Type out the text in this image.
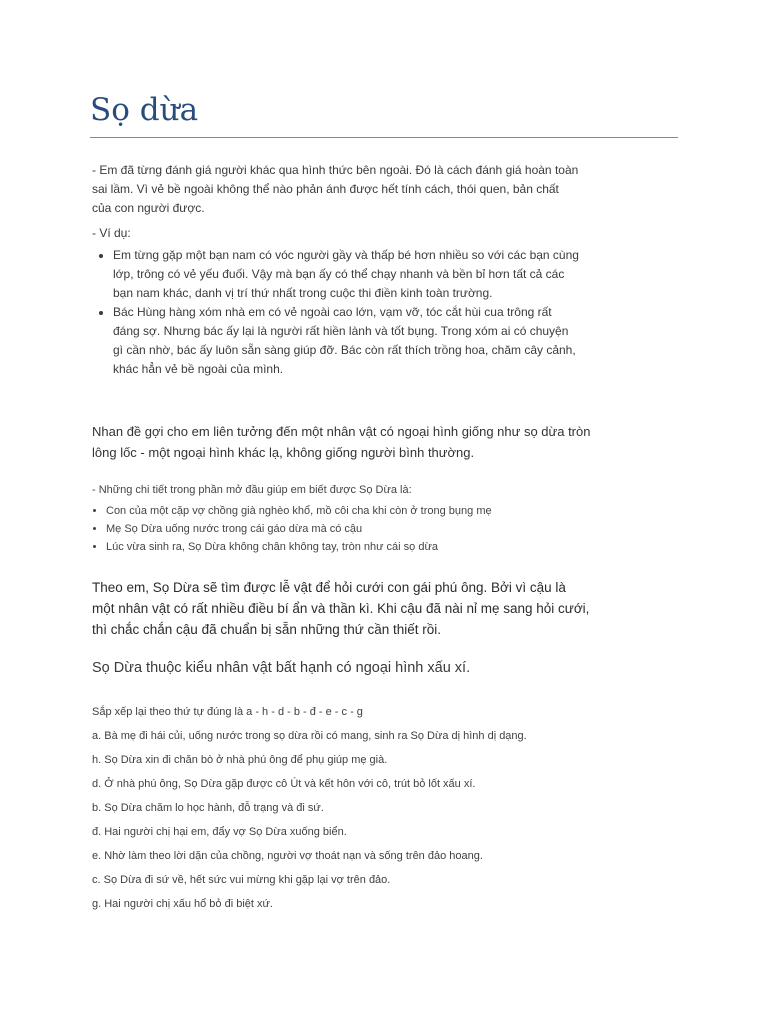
Sọ dừa

- Em đã từng đánh giá người khác qua hình thức bên ngoài. Đó là cách đánh giá hoàn toàn sai lầm. Vì vẻ bề ngoài không thể nào phản ánh được hết tính cách, thói quen, bản chất của con người được.

- Ví dụ:

• Em từng gặp một bạn nam có vóc người gầy và thấp bé hơn nhiều so với các bạn cùng lớp, trông có vẻ yếu đuối. Vậy mà bạn ấy có thể chạy nhanh và bền bỉ hơn tất cả các bạn nam khác, danh vị trí thứ nhất trong cuộc thi điền kinh toàn trường.
• Bác Hùng hàng xóm nhà em có vẻ ngoài cao lớn, vạm vỡ, tóc cắt hùi cua trông rất đáng sợ. Nhưng bác ấy lại là người rất hiền lành và tốt bụng. Trong xóm ai có chuyện gì cần nhờ, bác ấy luôn sẵn sàng giúp đỡ. Bác còn rất thích trồng hoa, chăm cây cảnh, khác hẳn vẻ bề ngoài của mình.

Nhan đề gợi cho em liên tưởng đến một nhân vật có ngoại hình giống như sọ dừa tròn lông lốc - một ngoại hình khác lạ, không giống người bình thường.

- Những chi tiết trong phần mở đầu giúp em biết được Sọ Dừa là:

• Con của một cặp vợ chồng già nghèo khổ, mồ côi cha khi còn ở trong bụng mẹ
• Mẹ Sọ Dừa uống nước trong cái gáo dừa mà có cậu
• Lúc vừa sinh ra, Sọ Dừa không chân không tay, tròn như cái sọ dừa

Theo em, Sọ Dừa sẽ tìm được lễ vật để hỏi cưới con gái phú ông. Bởi vì cậu là một nhân vật có rất nhiều điều bí ẩn và thần kì. Khi cậu đã nài nỉ mẹ sang hỏi cưới, thì chắc chắn cậu đã chuẩn bị sẵn những thứ cần thiết rồi.

Sọ Dừa thuộc kiểu nhân vật bất hạnh có ngoại hình xấu xí.

Sắp xếp lại theo thứ tự đúng là a - h - d - b - đ - e - c - g

a. Bà mẹ đi hái củi, uống nước trong sọ dừa rồi có mang, sinh ra Sọ Dừa dị hình dị dạng.

h. Sọ Dừa xin đi chăn bò ở nhà phú ông để phụ giúp mẹ già.

d. Ở nhà phú ông, Sọ Dừa gặp được cô Út và kết hôn với cô, trút bỏ lốt xấu xí.

b. Sọ Dừa chăm lo học hành, đỗ trạng và đi sứ.

đ. Hai người chị hại em, đẩy vợ Sọ Dừa xuống biển.

e. Nhờ làm theo lời dặn của chồng, người vợ thoát nạn và sống trên đảo hoang.

c. Sọ Dừa đi sứ về, hết sức vui mừng khi gặp lại vợ trên đảo.

g. Hai người chị xấu hổ bỏ đi biệt xứ.
